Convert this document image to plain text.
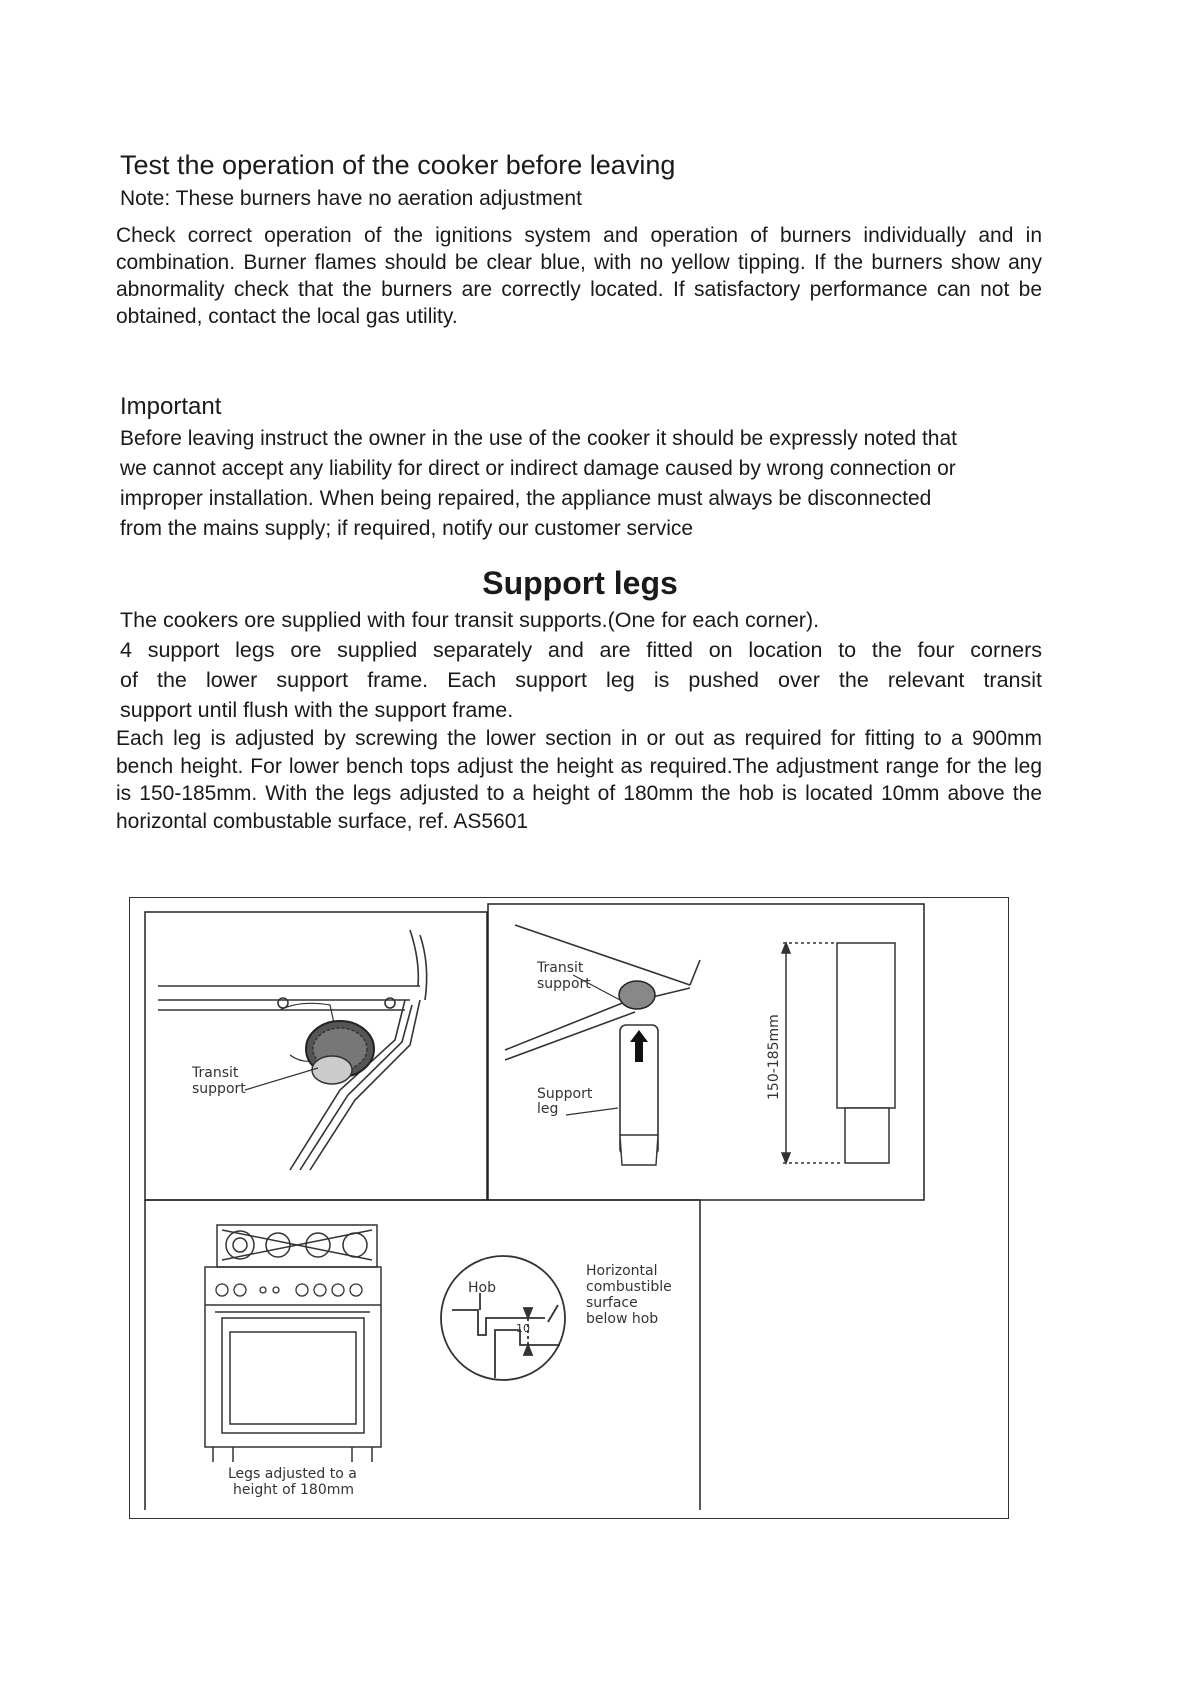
Test the operation of the cooker before leaving
Note: These burners have no aeration adjustment
Check correct operation of the ignitions system and operation of burners individually and in combination. Burner flames should be clear blue, with no yellow tipping. If the burners show any abnormality check that the burners are correctly located. If satisfactory performance can not be obtained, contact the local gas utility.
Important
Before leaving instruct the owner in the use of the cooker it should be expressly noted that
we cannot accept any liability for direct or indirect damage caused by wrong connection or
improper installation. When being repaired, the appliance must always be disconnected
from the mains supply; if required, notify our customer service
Support legs
The cookers ore supplied with four transit supports.(One for each corner).
4 support legs ore supplied separately and are fitted on location to the four corners
of the lower support frame. Each support leg is pushed over the relevant transit
support until flush with the support frame.
Each leg is adjusted by screwing the lower section in or out as required for fitting to a 900mm bench height. For lower bench tops adjust the height as required.The adjustment range for the leg is 150-185mm. With the legs adjusted to a height of 180mm the hob is located 10mm above the horizontal combustable surface, ref. AS5601
Transit
support
Transit
support
Support
leg
150-185mm
Legs adjusted to a
height of 180mm
Hob
10
Horizontal
combustible
surface
below hob
